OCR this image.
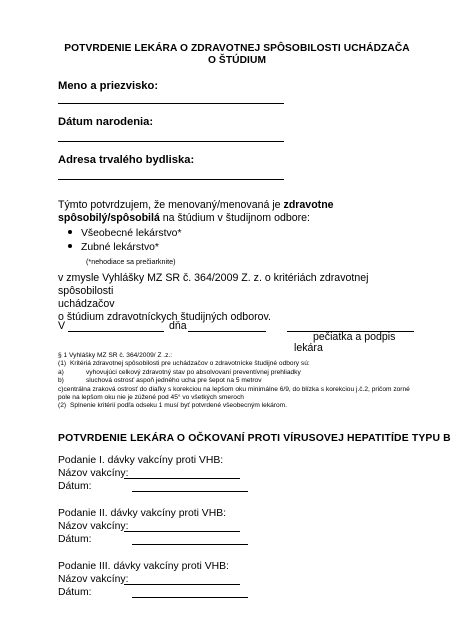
POTVRDENIE LEKÁRA O ZDRAVOTNEJ SPÔSOBILOSTI UCHÁDZAČA
O ŠTÚDIUM
Meno a priezvisko:
Dátum narodenia:
Adresa trvalého bydliska:
Týmto potvrdzujem, že menovaný/menovaná je zdravotne spôsobilý/spôsobilá na štúdium v študijnom odbore:
Všeobecné lekárstvo*
Zubné lekárstvo*
(*nehodiace sa prečiarknite)
v zmysle Vyhlášky MZ SR č. 364/2009 Z. z. o kritériách zdravotnej spôsobilosti
uchádzačov
o štúdium zdravotníckych študijných odborov.
V	dňa
pečiatka a podpis
lekára
§ 1 Vyhlášky MZ SR č. 364/2009/ Z .z.:
(1) Kritériá zdravotnej spôsobilosti pre uchádzačov o zdravotnícke študijné odbory sú:
a)	vyhovujúci celkový zdravotný stav po absolvovaní preventívnej prehliadky
b)	sluchová ostrosť aspoň jedného ucha pre šepot na 5 metrov
c)centrálna zraková ostrosť do diaľky s korekciou na lepšom oku minimálne 6/9, do blízka s korekciou j.č.2, pričom zorné pole na lepšom oku nie je zúžené pod 45° vo všetkých smeroch
(2) Splnenie kritérií podľa odseku 1 musí byť potvrdené všeobecným lekárom.
POTVRDENIE LEKÁRA O OČKOVANÍ PROTI VÍRUSOVEJ HEPATITÍDE TYPU B
Podanie I. dávky vakcíny proti VHB:
Názov vakcíny:
Dátum:
Podanie II. dávky vakcíny proti VHB:
Názov vakcíny:
Dátum:
Podanie III. dávky vakcíny proti VHB:
Názov vakcíny:
Dátum:
